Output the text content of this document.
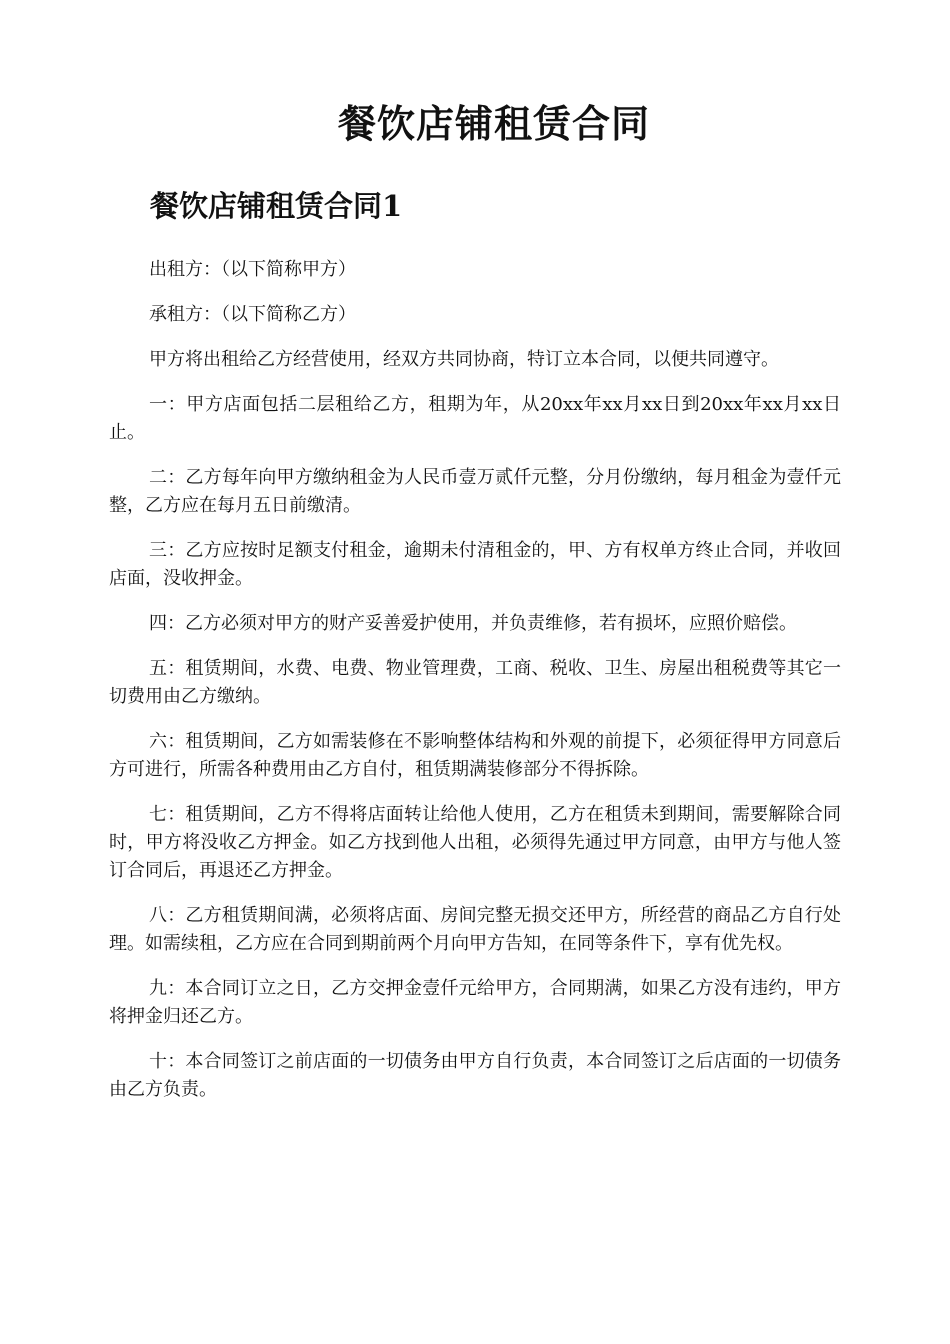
餐饮店铺租赁合同
餐饮店铺租赁合同1

出租方：（以下简称甲方）

承租方：（以下简称乙方）

甲方将出租给乙方经营使用，经双方共同协商，特订立本合同，以便共同遵守。

一：甲方店面包括二层租给乙方，租期为年，从20xx年xx月xx日到20xx年xx月xx日止。

二：乙方每年向甲方缴纳租金为人民币壹万贰仟元整，分月份缴纳，每月租金为壹仟元整，乙方应在每月五日前缴清。

三：乙方应按时足额支付租金，逾期未付清租金的，甲、方有权单方终止合同，并收回店面，没收押金。

四：乙方必须对甲方的财产妥善爱护使用，并负责维修，若有损坏，应照价赔偿。

五：租赁期间，水费、电费、物业管理费，工商、税收、卫生、房屋出租税费等其它一切费用由乙方缴纳。

六：租赁期间，乙方如需装修在不影响整体结构和外观的前提下，必须征得甲方同意后方可进行，所需各种费用由乙方自付，租赁期满装修部分不得拆除。

七：租赁期间，乙方不得将店面转让给他人使用，乙方在租赁未到期间，需要解除合同时，甲方将没收乙方押金。如乙方找到他人出租，必须得先通过甲方同意，由甲方与他人签订合同后，再退还乙方押金。

八：乙方租赁期间满，必须将店面、房间完整无损交还甲方，所经营的商品乙方自行处理。如需续租，乙方应在合同到期前两个月向甲方告知，在同等条件下，享有优先权。

九：本合同订立之日，乙方交押金壹仟元给甲方，合同期满，如果乙方没有违约，甲方将押金归还乙方。

十：本合同签订之前店面的一切债务由甲方自行负责，本合同签订之后店面的一切债务由乙方负责。
